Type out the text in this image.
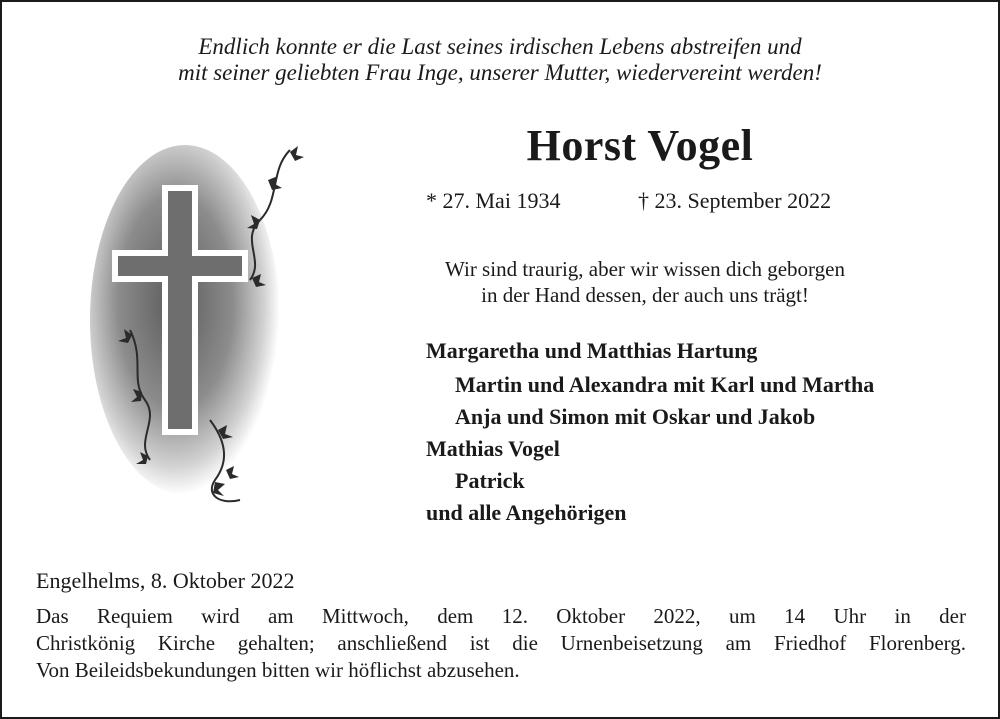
Endlich konnte er die Last seines irdischen Lebens abstreifen und
mit seiner geliebten Frau Inge, unserer Mutter, wiedervereint werden!
Horst Vogel
* 27. Mai 1934	† 23. September 2022
Wir sind traurig, aber wir wissen dich geborgen
in der Hand dessen, der auch uns trägt!
Margaretha und Matthias Hartung
Martin und Alexandra mit Karl und Martha
Anja und Simon mit Oskar und Jakob
Mathias Vogel
Patrick
und alle Angehörigen
Engelhelms, 8. Oktober 2022
Das Requiem wird am Mittwoch, dem 12. Oktober 2022, um 14 Uhr in der
Christkönig Kirche gehalten; anschließend ist die Urnenbeisetzung am Friedhof Florenberg.
Von Beileidsbekundungen bitten wir höflichst abzusehen.
